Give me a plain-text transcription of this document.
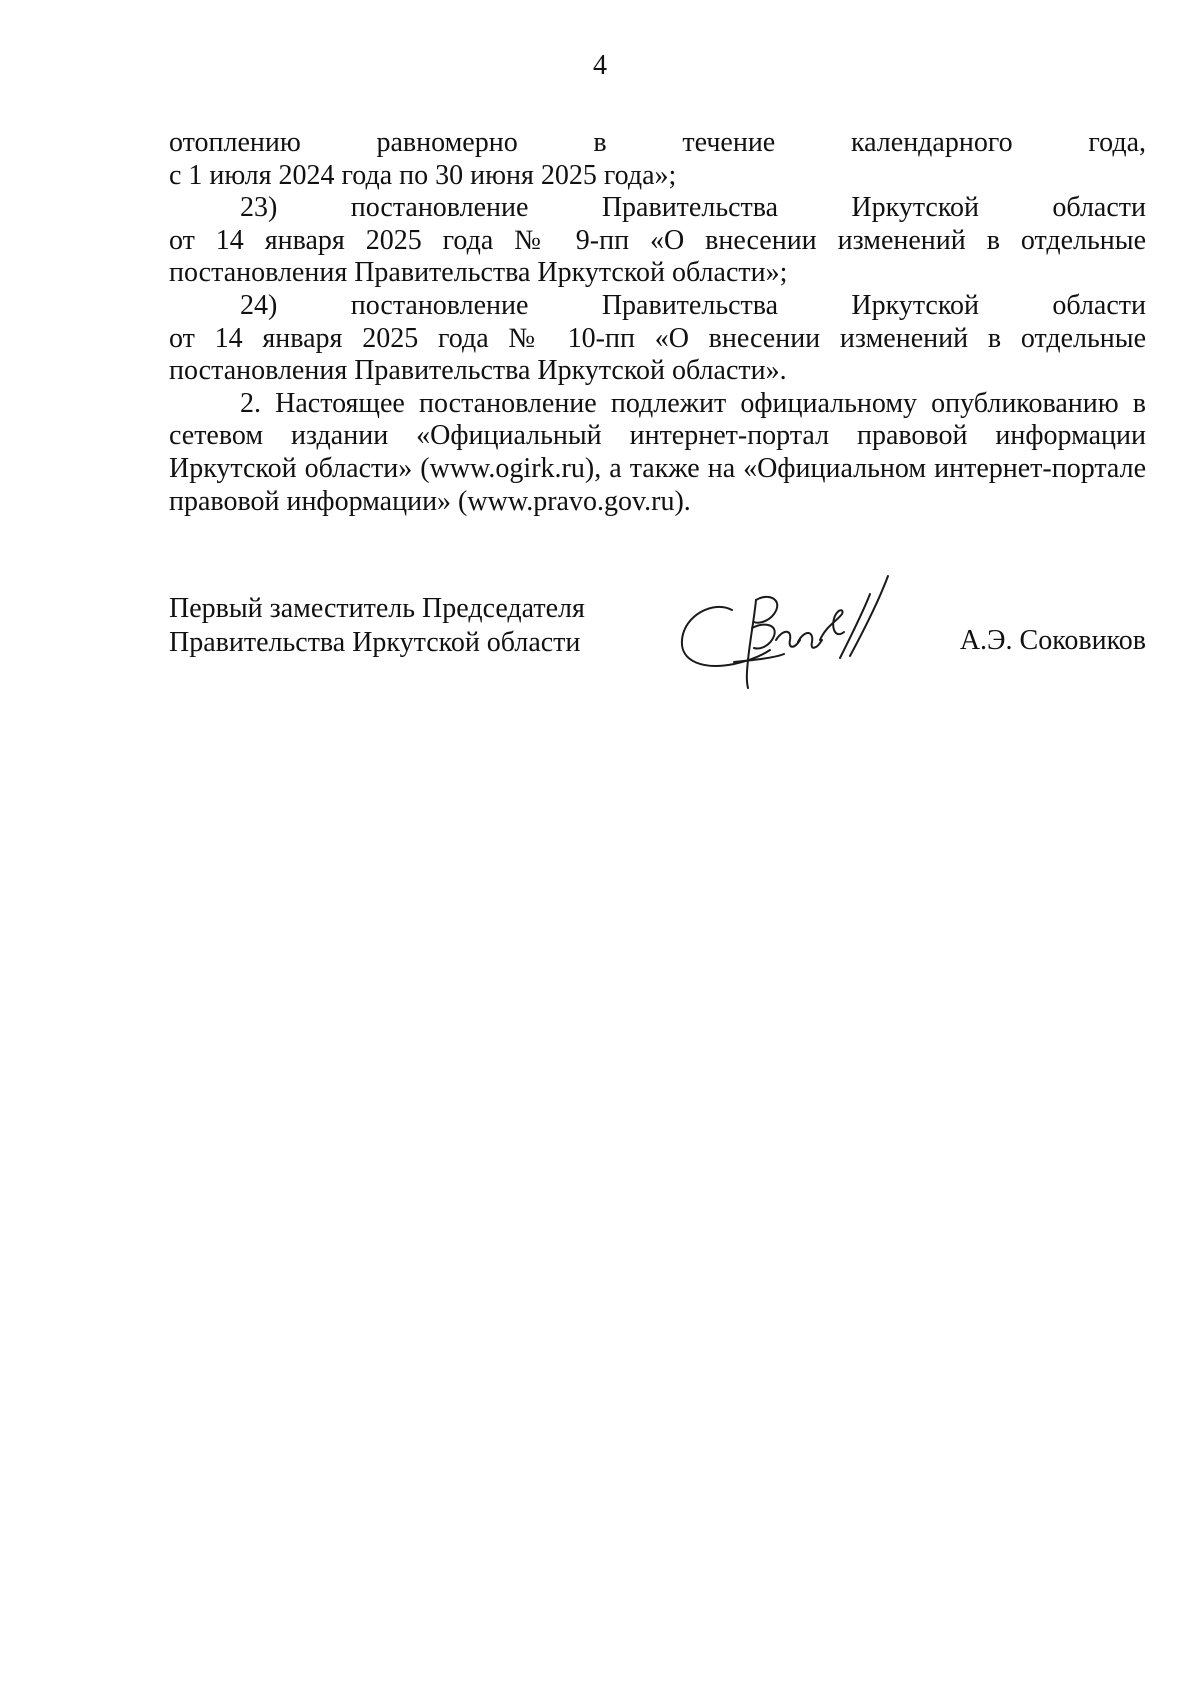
4

отоплению равномерно в течение календарного года,
с 1 июля 2024 года по 30 июня 2025 года»;

23) постановление Правительства Иркутской области
от 14 января 2025 года № 9-пп «О внесении изменений в отдельные постановления Правительства Иркутской области»;

24) постановление Правительства Иркутской области
от 14 января 2025 года № 10-пп «О внесении изменений в отдельные постановления Правительства Иркутской области».

2. Настоящее постановление подлежит официальному опубликованию в сетевом издании «Официальный интернет-портал правовой информации Иркутской области» (www.ogirk.ru), а также на «Официальном интернет-портале правовой информации» (www.pravo.gov.ru).

Первый заместитель Председателя
Правительства Иркутской области	А.Э. Соковиков
